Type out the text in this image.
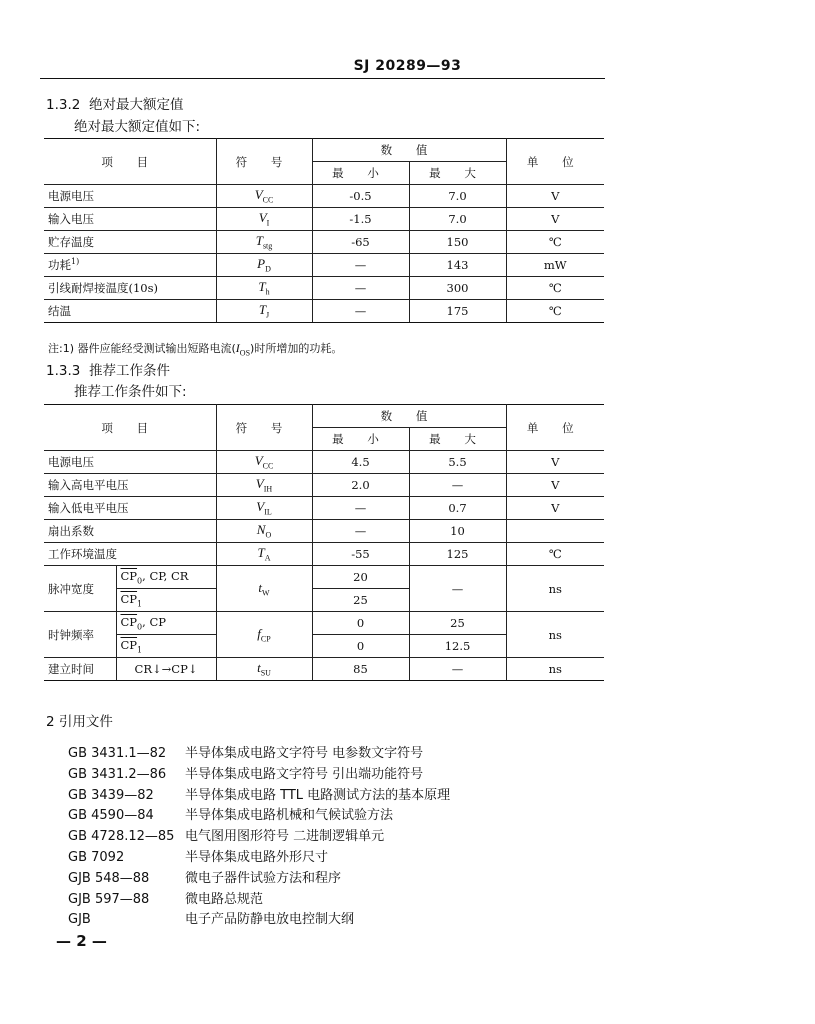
SJ 20289—93
1.3.2 绝对最大额定值
绝对最大额定值如下:
项 目	符 号	数 值		单 位
		最 小	最 大	
电源电压	$V_{CC}$	-0.5	7.0	V
输入电压	$V_I$	-1.5	7.0	V
贮存温度	$T_{stg}$	-65	150	℃
功耗$^{1)}$	$P_D$	—	143	mW
引线耐焊接温度(10s)	$T_h$	—	300	℃
结温	$T_J$	—	175	℃
注:1) 器件应能经受测试输出短路电流$(I_{OS})$时所增加的功耗。
1.3.3 推荐工作条件
推荐工作条件如下:
项 目		符 号	数 值		单 位
			最 小	最 大	
电源电压		$V_{CC}$	4.5	5.5	V
输入高电平电压		$V_{IH}$	2.0	—	V
输入低电平电压		$V_{IL}$	—	0.7	V
扇出系数		$N_O$	—	10	
工作环境温度		$T_A$	-55	125	℃
脉冲宽度	$\overline{CP}_0$, CP, CR	$t_W$	20	—	ns
	$\overline{CP}_1$		25		
时钟频率	$\overline{CP}_0$, CP	$f_{CP}$	0	25	ns
	$\overline{CP}_1$		0	12.5	
建立时间	CR↓→CP↓	$t_{SU}$	85	—	ns
2 引用文件
GB 3431.1—82 半导体集成电路文字符号 电参数文字符号
GB 3431.2—86 半导体集成电路文字符号 引出端功能符号
GB 3439—82 半导体集成电路 TTL 电路测试方法的基本原理
GB 4590—84 半导体集成电路机械和气候试验方法
GB 4728.12—85 电气图用图形符号 二进制逻辑单元
GB 7092	半导体集成电路外形尺寸
GJB 548—88	微电子器件试验方法和程序
GJB 597—88	微电路总规范
GJB	电子产品防静电放电控制大纲
— 2 —
